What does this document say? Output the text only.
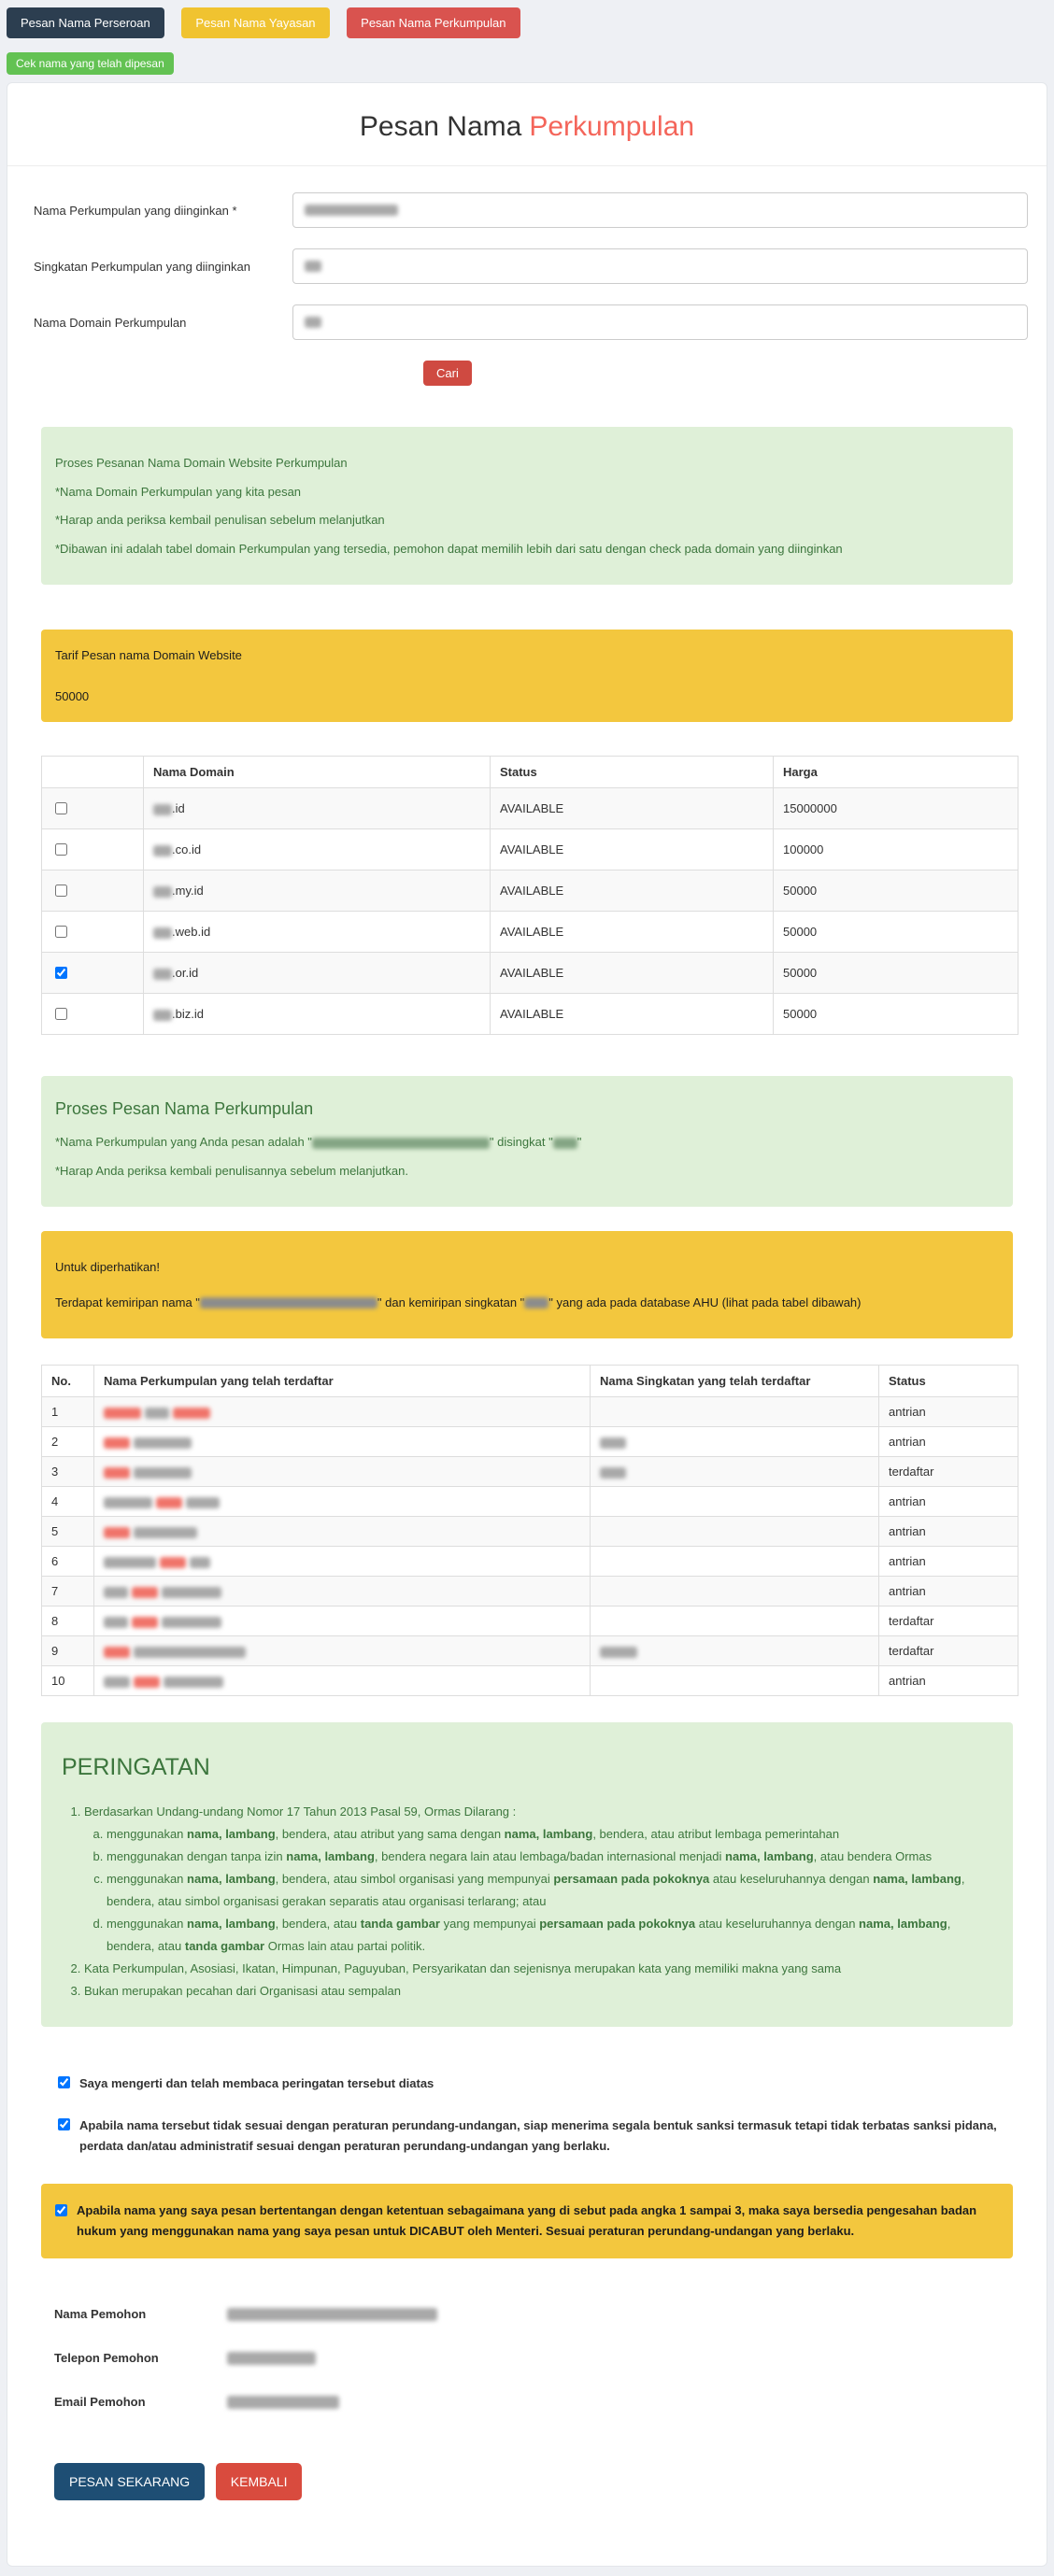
Pesan Nama Perseroan	Pesan Nama Yayasan	Pesan Nama Perkumpulan
Cek nama yang telah dipesan
Pesan Nama Perkumpulan
Nama Perkumpulan yang diinginkan *
Singkatan Perkumpulan yang diinginkan
Nama Domain Perkumpulan
Cari

Proses Pesanan Nama Domain Website Perkumpulan

*Nama Domain Perkumpulan yang kita pesan

*Harap anda periksa kembail penulisan sebelum melanjutkan

*Dibawan ini adalah tabel domain Perkumpulan yang tersedia, pemohon dapat memilih lebih dari satu dengan check pada domain yang diinginkan

Tarif Pesan nama Domain Website
50000
	Nama Domain	Status	Harga
	.id	AVAILABLE	15000000
	.co.id	AVAILABLE	100000
	.my.id	AVAILABLE	50000
	.web.id	AVAILABLE	50000
	.or.id	AVAILABLE	50000
	.biz.id	AVAILABLE	50000
Proses Pesan Nama Perkumpulan

*Nama Perkumpulan yang Anda pesan adalah "	" disingkat " "

*Harap Anda periksa kembali penulisannya sebelum melanjutkan.

Untuk diperhatikan!

Terdapat kemiripan nama "	" dan kemiripan singkatan " " yang ada pada database AHU (lihat pada tabel dibawah)

No.	Nama Perkumpulan yang telah terdaftar	Nama Singkatan yang telah terdaftar	Status
1			antrian
2			antrian
3			terdaftar
4			antrian
5			antrian
6			antrian
7			antrian
8			terdaftar
9			terdaftar
10			antrian
PERINGATAN
1. Berdasarkan Undang-undang Nomor 17 Tahun 2013 Pasal 59, Ormas Dilarang :
a. menggunakan nama, lambang, bendera, atau atribut yang sama dengan nama, lambang, bendera, atau atribut lembaga pemerintahan
b. menggunakan dengan tanpa izin nama, lambang, bendera negara lain atau lembaga/badan internasional menjadi nama, lambang, atau bendera Ormas
c. menggunakan nama, lambang, bendera, atau simbol organisasi yang mempunyai persamaan pada pokoknya atau keseluruhannya dengan nama, lambang, bendera, atau simbol organisasi gerakan separatis atau organisasi terlarang; atau
d. menggunakan nama, lambang, bendera, atau tanda gambar yang mempunyai persamaan pada pokoknya atau keseluruhannya dengan nama, lambang, bendera, atau tanda gambar Ormas lain atau partai politik.
2. Kata Perkumpulan, Asosiasi, Ikatan, Himpunan, Paguyuban, Persyarikatan dan sejenisnya merupakan kata yang memiliki makna yang sama
3. Bukan merupakan pecahan dari Organisasi atau sempalan
Saya mengerti dan telah membaca peringatan tersebut diatas
Apabila nama tersebut tidak sesuai dengan peraturan perundang-undangan, siap menerima segala bentuk sanksi termasuk tetapi tidak terbatas sanksi pidana, perdata dan/atau administratif sesuai dengan peraturan perundang-undangan yang berlaku.
Apabila nama yang saya pesan bertentangan dengan ketentuan sebagaimana yang di sebut pada angka 1 sampai 3, maka saya bersedia pengesahan badan hukum yang menggunakan nama yang saya pesan untuk DICABUT oleh Menteri. Sesuai peraturan perundang-undangan yang berlaku.
Nama Pemohon
Telepon Pemohon
Email Pemohon
PESAN SEKARANG	KEMBALI
